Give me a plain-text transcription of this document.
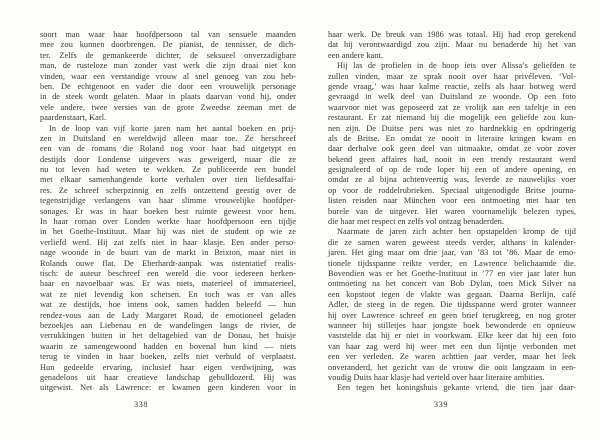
soort man waar haar hoofdpersoon tal van sensuele maanden
mee zou kunnen doorbrengen. De pianist, de tennisser, de dich-
ter. Zelfs de gemankeerde dichter, de seksueel onverzadigbare
man, de rusteloze man zonder vast werk die zijn draai niet kon
vinden, waar een verstandige vrouw al snel genoeg van zou heb-
ben. De echtgenoot en vader die door een vrouwelijk personage
in de steek wordt gelaten. Maar in plaats daarvan vond hij, onder
vele andere, twee versies van de grote Zweedse zeeman met de
paardenstaart, Karl.
In de loop van vijf korte jaren nam het aantal boeken en prij-
zen in Duitsland en wereldwijd alleen maar toe. Ze herschreef
een van de romans die Roland nog voor haar had uitgetypt en
destijds door Londense uitgevers was geweigerd, maar die ze
nu tot leven had weten te wekken. Ze publiceerde een bundel
met elkaar samenhangende korte verhalen over tien liefdesaffai-
res. Ze schreef scherpzinnig en zelfs ontzettend geestig over de
tegenstrijdige verlangens van haar slimme vrouwelijke hoofdper-
sonages. Er was in haar boeken best ruimte geweest voor hem.
In haar roman over Londen werkte haar hoofdpersoon een tijdje
in het Goethe-Instituut. Maar hij was niet de student op wie ze
verliefd werd. Hij zat zelfs niet in haar klasje. Een ander perso-
nage woonde in de buurt van de markt in Brixton, maar niet in
Rolands ouwe flat. De Eberhardt-aanpak was ostentatief realis-
tisch: de auteur beschreef een wereld die voor iedereen herken-
baar en navoelbaar was. Er was niets, materieel of immaterieel,
wat ze niet levendig kon schetsen. En toch was er van alles
wat ze destijds, hoe intens ook, samen hadden beleefd — hun
rendez-vous aan de Lady Margaret Road, de emotioneel geladen
bezoekjes aan Liebenau en de wandelingen langs de rivier, de
verrukkingen buiten in het deltagebied van de Donau, het huisje
waarin ze samengewoond hadden en bovenal hun kind — niets
terug te vinden in haar boeken, zelfs niet verhuld of verplaatst.
Hun gedeelde ervaring, inclusief haar eigen verdwijning, was
genadeloos uit haar creatieve landschap gebulldozerd. Hij was
uitgewist. Net als Lawrence: er kwamen geen kinderen voor in
haar werk. De breuk van 1986 was totaal. Hij had erop gerekend
dat hij verontwaardigd zou zijn. Maar nu benaderde hij het van
een andere kant.
Hij las de profielen in de hoop iets over Alissa’s geliefden te
zullen vinden, maar ze sprak nooit over haar privéleven. ‘Vol-
gende vraag,’ was haar kalme reactie, zelfs als haar botweg werd
gevraagd in welk deel van Duitsland ze woonde. Op een foto
waarvoor niet was geposeerd zat ze vrolijk aan een tafeltje in een
restaurant. Er zat niemand bij die mogelijk een geliefde zou kun-
nen zijn. De Duitse pers was niet zo hardnekkig en opdringerig
als de Britse. En omdat ze nooit in literaire kringen kwam en
daar derhalve ook geen deel van uitmaakte, omdat ze voor zover
bekend geen affaires had, nooit in een trendy restaurant werd
gesignaleerd of op de rode loper bij een of andere opening, en
omdat ze al bijna achtenveertig was, leverde ze nauwelijks voer
op voor de roddelrubrieken. Speciaal uitgenodigde Britse journa-
listen reisden naar München voor een ontmoeting met haar ten
burele van de uitgever. Het waren voornamelijk belezen types,
die haar met respect en zelfs vol ontzag benaderden.
Naarmate de jaren zich achter hen opstapelden kromp de tijd
die ze samen waren geweest steeds verder, althans in kalender-
jaren. Het ging maar om drie jaar, van ’83 tot ’86. Maar de emo-
tionele tijdsspanne reikte verder, en Lawrence belichaamde die.
Bovendien was er het Goethe-Instituut in ’77 en vier jaar later hun
ontmoeting na het concert van Bob Dylan, toen Mick Silver na
een kopstoot tegen de vlakte was gegaan. Daarna Berlijn, café
Adler, de steeg in de regen. Die tijdsspanne werd groter wanneer
hij over Lawrence schreef en geen brief terugkreeg, en nog groter
wanneer hij stilletjes haar jongste boek bewonderde en opnieuw
vaststelde dat hij er niet in voorkwam. Elke keer dat hij een foto
van haar zag werd hij weer met een dun lijntje verbonden met
een ver verleden. Ze waren achttien jaar verder, maar het leek
onveranderd, het gezicht van de vrouw die ooit langzaam in een-
voudig Duits haar klasje had verteld over haar literaire ambities.
Een tegen het koningshuis gekante vriend, die tien jaar daar-
338	339
